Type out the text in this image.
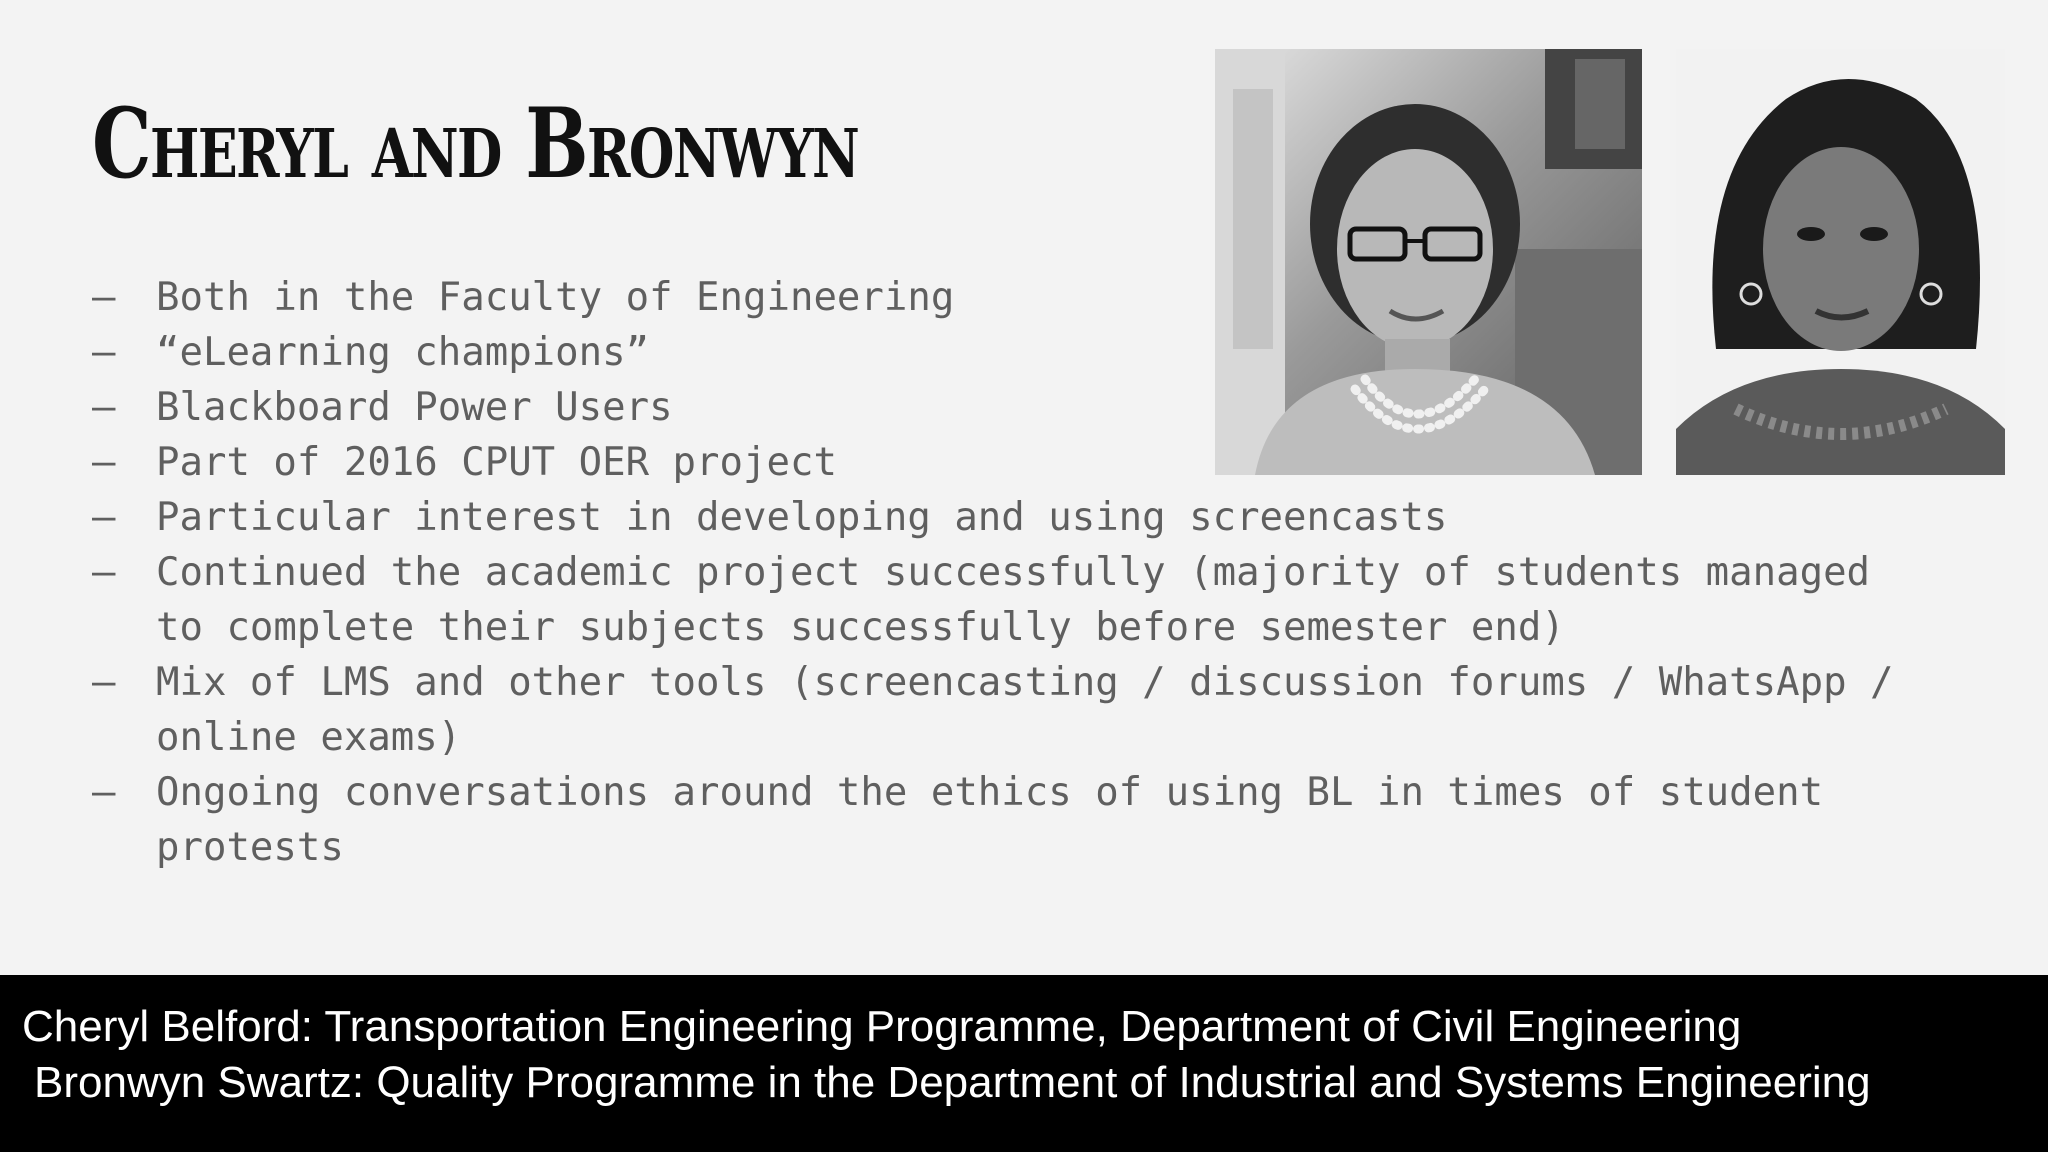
Cheryl and Bronwyn
– Both in the Faculty of Engineering
– “eLearning champions”
– Blackboard Power Users
– Part of 2016 CPUT OER project
– Particular interest in developing and using screencasts
– Continued the academic project successfully (majority of students managed to complete their subjects successfully before semester end)
– Mix of LMS and other tools (screencasting / discussion forums / WhatsApp / online exams)
– Ongoing conversations around the ethics of using BL in times of student protests
Cheryl Belford: Transportation Engineering Programme, Department of Civil Engineering
Bronwyn Swartz: Quality Programme in the Department of Industrial and Systems Engineering
